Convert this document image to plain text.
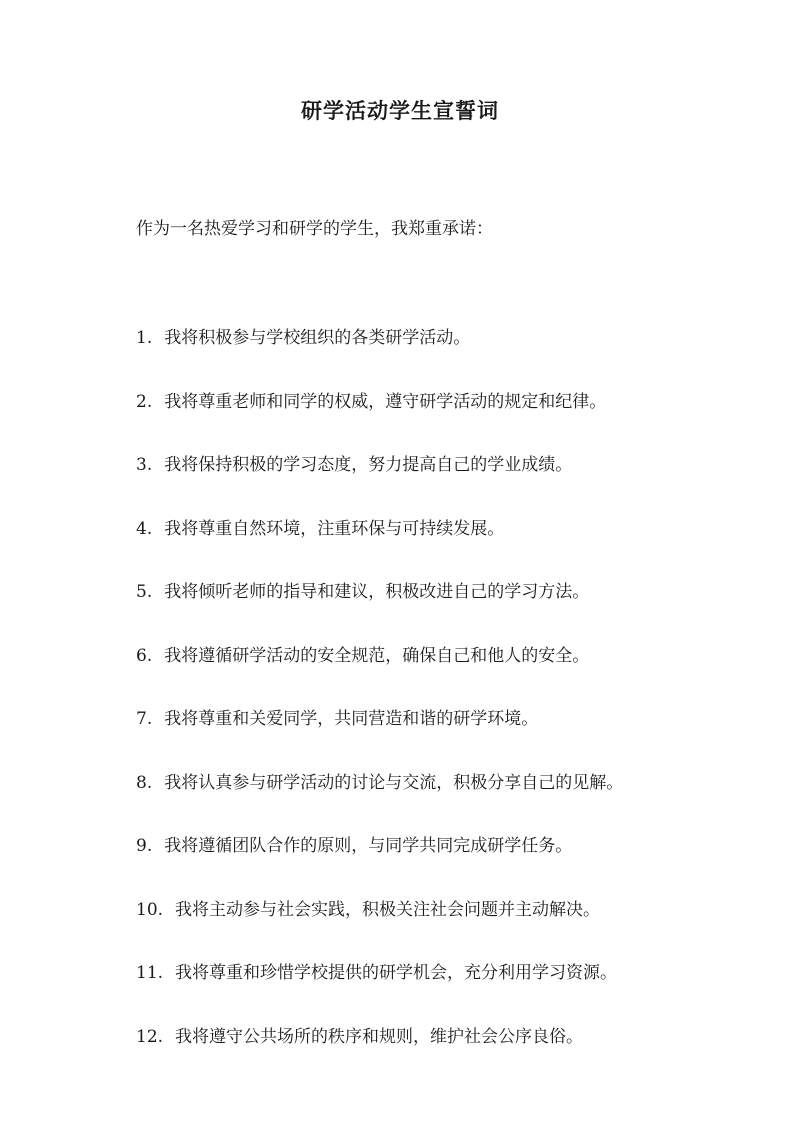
研学活动学生宣誓词
作为一名热爱学习和研学的学生，我郑重承诺：
1. 我将积极参与学校组织的各类研学活动。
2. 我将尊重老师和同学的权威，遵守研学活动的规定和纪律。
3. 我将保持积极的学习态度，努力提高自己的学业成绩。
4. 我将尊重自然环境，注重环保与可持续发展。
5. 我将倾听老师的指导和建议，积极改进自己的学习方法。
6. 我将遵循研学活动的安全规范，确保自己和他人的安全。
7. 我将尊重和关爱同学，共同营造和谐的研学环境。
8. 我将认真参与研学活动的讨论与交流，积极分享自己的见解。
9. 我将遵循团队合作的原则，与同学共同完成研学任务。
10. 我将主动参与社会实践，积极关注社会问题并主动解决。
11. 我将尊重和珍惜学校提供的研学机会，充分利用学习资源。
12. 我将遵守公共场所的秩序和规则，维护社会公序良俗。
